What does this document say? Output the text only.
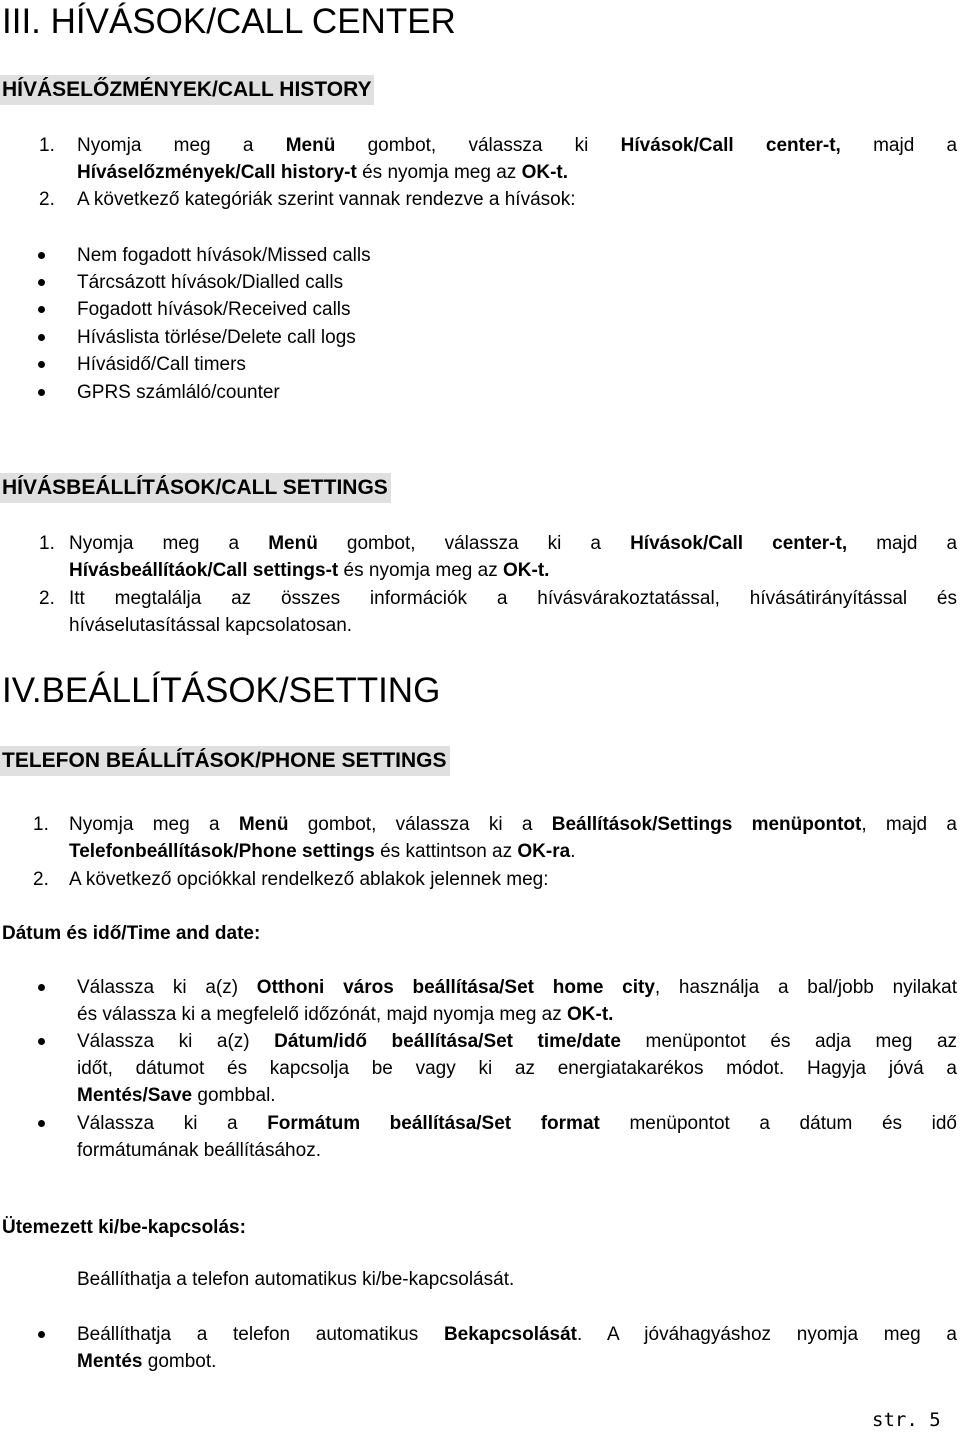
III. HÍVÁSOK/CALL CENTER
HÍVÁSELŐZMÉNYEK/CALL HISTORY
1. Nyomja meg a Menü gombot, válassza ki Hívások/Call center-t, majd a
Híváselőzmények/Call history-t és nyomja meg az OK-t.
2. A következő kategóriák szerint vannak rendezve a hívások:
Nem fogadott hívások/Missed calls
Tárcsázott hívások/Dialled calls
Fogadott hívások/Received calls
Híváslista törlése/Delete call logs
Hívásidő/Call timers
GPRS számláló/counter
HÍVÁSBEÁLLÍTÁSOK/CALL SETTINGS
1. Nyomja meg a Menü gombot, válassza ki a Hívások/Call center-t, majd a
Hívásbeállítáok/Call settings-t és nyomja meg az OK-t.
2. Itt megtalálja az összes információk a hívásvárakoztatással, hívásátirányítással és
híváselutasítással kapcsolatosan.
IV.BEÁLLÍTÁSOK/SETTING
TELEFON BEÁLLÍTÁSOK/PHONE SETTINGS
1. Nyomja meg a Menü gombot, válassza ki a Beállítások/Settings menüpontot, majd a
Telefonbeállítások/Phone settings és kattintson az OK-ra.
2. A következő opciókkal rendelkező ablakok jelennek meg:
Dátum és idő/Time and date:
Válassza ki a(z) Otthoni város beállítása/Set home city, használja a bal/jobb nyilakat
és válassza ki a megfelelő időzónát, majd nyomja meg az OK-t.
Válassza ki a(z) Dátum/idő beállítása/Set time/date menüpontot és adja meg az
időt, dátumot és kapcsolja be vagy ki az energiatakarékos módot. Hagyja jóvá a
Mentés/Save gombbal.
Válassza ki a Formátum beállítása/Set format menüpontot a dátum és idő
formátumának beállításához.
Ütemezett ki/be-kapcsolás:
Beállíthatja a telefon automatikus ki/be-kapcsolását.
Beállíthatja a telefon automatikus Bekapcsolását. A jóváhagyáshoz nyomja meg a
Mentés gombot.
str. 5
